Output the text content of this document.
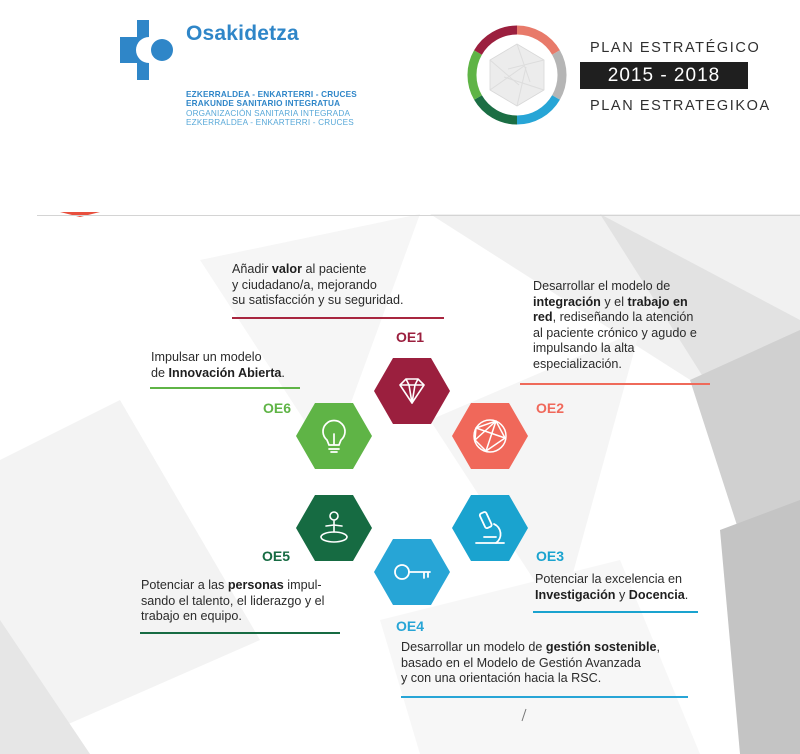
Osakidetza
EZKERRALDEA - ENKARTERRI - CRUCES
ERAKUNDE SANITARIO INTEGRATUA
ORGANIZACIÓN SANITARIA INTEGRADA
EZKERRALDEA - ENKARTERRI - CRUCES
PLAN ESTRATÉGICO
2015 - 2018
PLAN ESTRATEGIKOA
Añadir valor al paciente
y ciudadano/a, mejorando
su satisfacción y su seguridad.
Desarrollar el modelo de
integración y el trabajo en
red, rediseñando la atención
al paciente crónico y agudo e
impulsando la alta
especialización.
Potenciar la excelencia en
Investigación y Docencia.
Desarrollar un modelo de gestión sostenible,
basado en el Modelo de Gestión Avanzada
y con una orientación hacia la RSC.
Potenciar a las personas impul-
sando el talento, el liderazgo y el
trabajo en equipo.
Impulsar un modelo
de Innovación Abierta.
OE1
OE2
OE3
OE4
OE5
OE6
